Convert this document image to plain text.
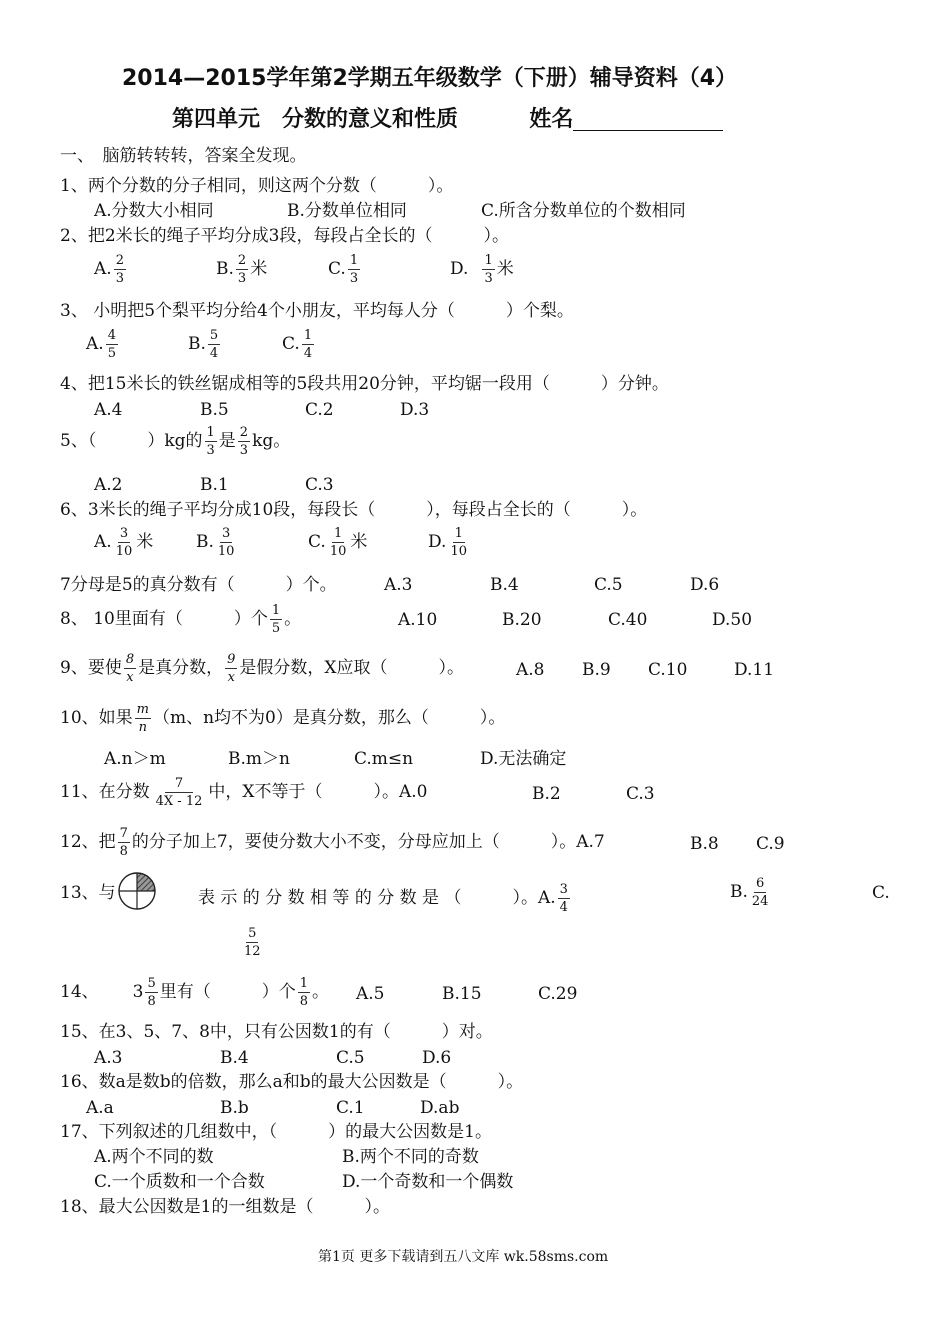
2014—2015学年第2学期五年级数学（下册）辅导资料（4）
第四单元　分数的意义和性质	姓名
一、　脑筋转转转，答案全发现。
1、两个分数的分子相同，则这两个分数（　　　）。
A.分数大小相同	B.分数单位相同	C.所含分数单位的个数相同
2、把2米长的绳子平均分成3段，每段占全长的（　　　）。
A. $\frac{2}{3}$	B. $\frac{2}{3}$ 米	C. $\frac{1}{3}$	D. $\frac{1}{3}$ 米
3、 小明把5个梨平均分给4个小朋友，平均每人分（　　　）个梨。
A. $\frac{4}{5}$	B. $\frac{5}{4}$	C. $\frac{1}{4}$
4、把15米长的铁丝锯成相等的5段共用20分钟，平均锯一段用（　　　）分钟。
A.4	B.5	C.2	D.3
5、（　　　）kg的 $\frac{1}{3}$ 是 $\frac{2}{3}$ kg。
A.2	B.1	C.3
6、3米长的绳子平均分成10段，每段长（　　　），每段占全长的（　　　）。
A. $\frac{3}{10}$ 米	B. $\frac{3}{10}$	C. $\frac{1}{10}$ 米	D. $\frac{1}{10}$
7分母是5的真分数有（　　　）个。	A.3	B.4	C.5	D.6
8、 10里面有（　　　）个 $\frac{1}{5}$ 。	A.10	B.20	C.40	D.50
9、要使 $\frac{8}{x}$ 是真分数， $\frac{9}{x}$ 是假分数，X应取（　　　）。	A.8 B.9 C.10	D.11
10、如果 $\frac{m}{n} (m$、n均不为0）是真分数，那么（　　　）。
A.n＞m	B.m＞n	C.m≤n	D.无法确定
11、在分数 $\frac{7}{4X - 12}$ 中，X不等于（　　　）。A.0	B.2	C.3
12、把 $\frac{7}{8}$ 的分子加上7，要使分数大小不变，分母应加上（　　　）。A.7	B.8 C.9
13、与	表 示 的 分 数 相 等 的 分 数 是 （　　　）。A. $\frac{3}{4}$	B. $\frac{6}{24}$	C.
$\frac{5}{12}$
14、 $3 \frac{5}{8}$ 里有（　　　）个 $\frac{1}{8}$ 。 A.5	B.15	C.29
15、在3、5、7、8中，只有公因数1的有（　　　）对。
A.3	B.4	C.5	D.6
16、数a是数b的倍数，那么a和b的最大公因数是（　　　）。
A.a	B.b	C.1	D.ab
17、下列叙述的几组数中，（　　　）的最大公因数是1。
A.两个不同的数	B.两个不同的奇数
C.一个质数和一个合数	D.一个奇数和一个偶数
18、最大公因数是1的一组数是（　　　）。
第1页 更多下载请到五八文库 wk.58sms.com
